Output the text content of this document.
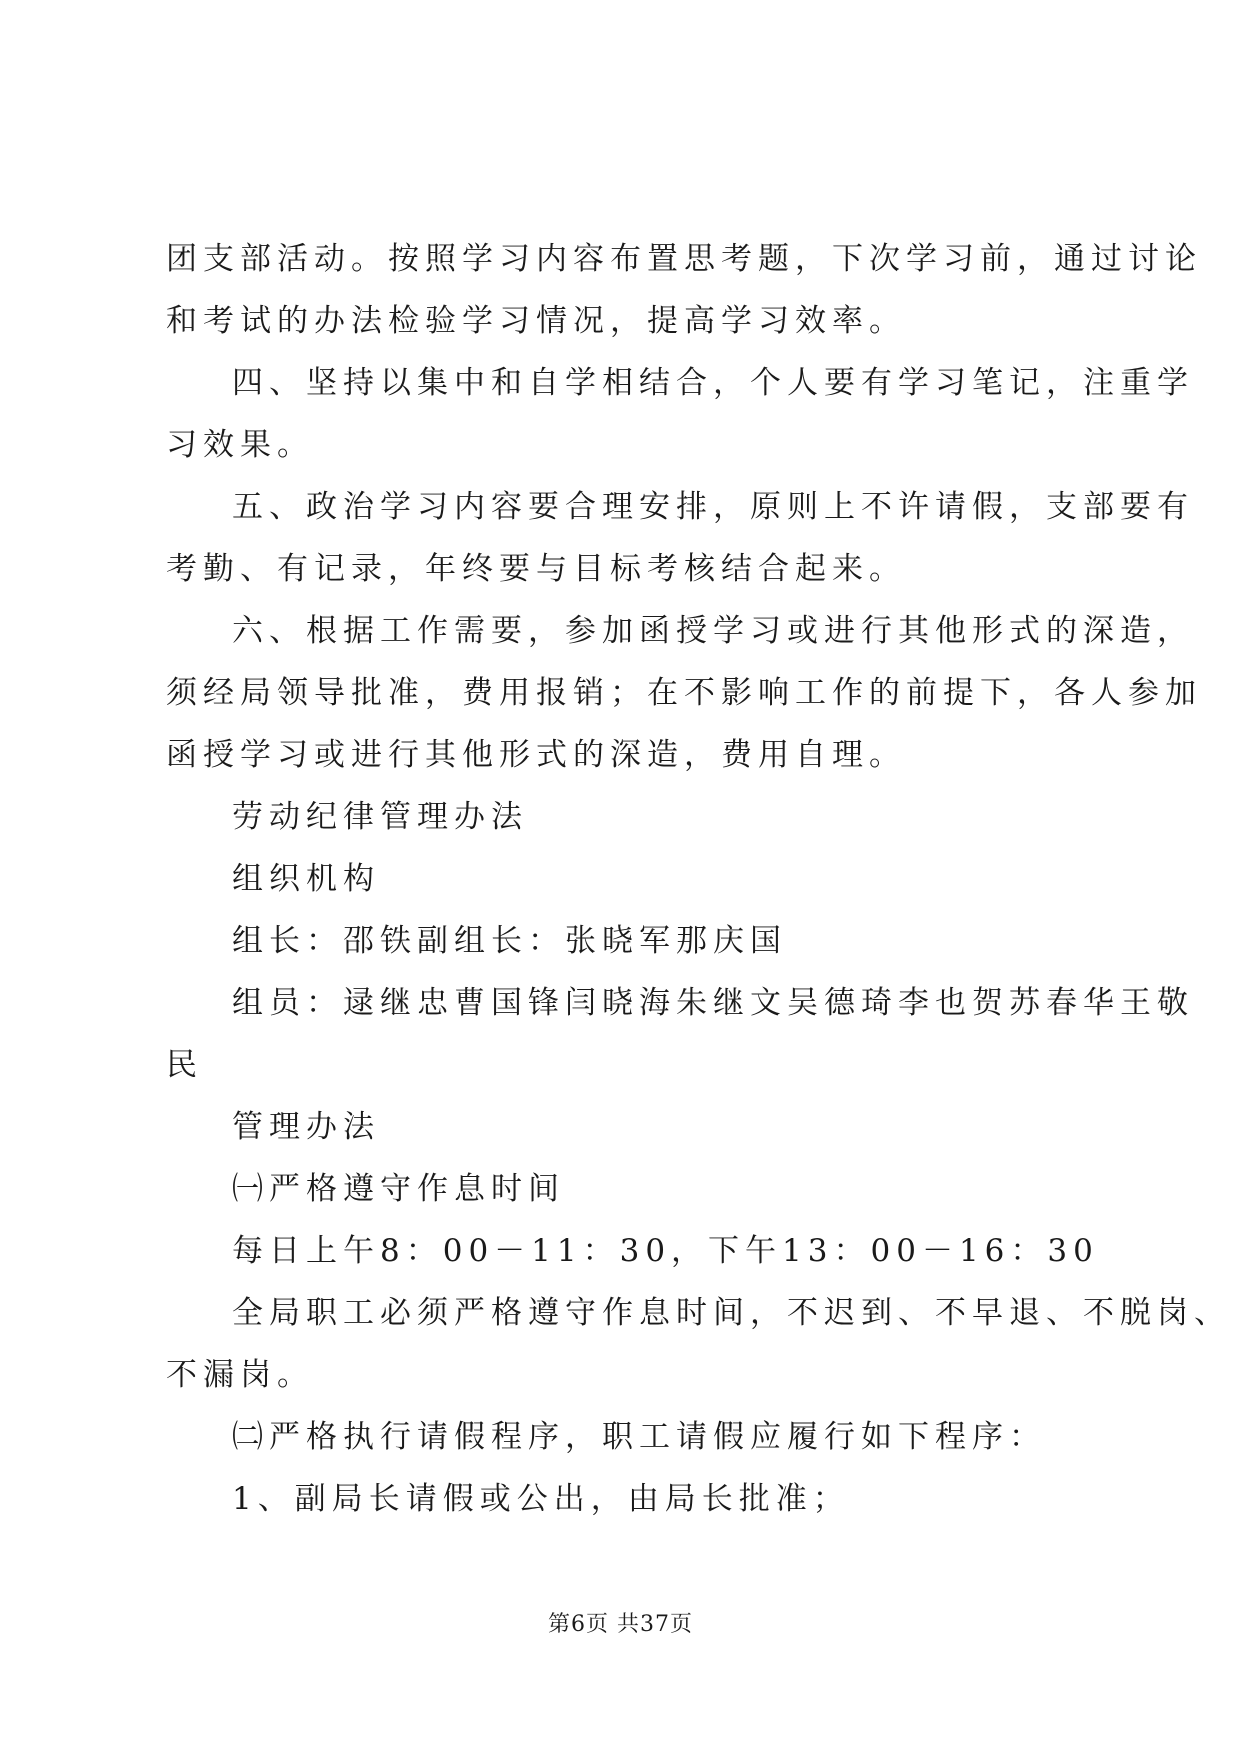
团支部活动。按照学习内容布置思考题，下次学习前，通过讨论
和考试的办法检验学习情况，提高学习效率。
四、坚持以集中和自学相结合，个人要有学习笔记，注重学
习效果。
五、政治学习内容要合理安排，原则上不许请假，支部要有
考勤、有记录，年终要与目标考核结合起来。
六、根据工作需要，参加函授学习或进行其他形式的深造，
须经局领导批准，费用报销；在不影响工作的前提下，各人参加
函授学习或进行其他形式的深造，费用自理。
劳动纪律管理办法
组织机构
组长：邵铁副组长：张晓军那庆国
组员：逯继忠曹国锋闫晓海朱继文吴德琦李也贺苏春华王敬
民
管理办法
㈠严格遵守作息时间
每日上午8：00－11：30，下午13：00－16：30
全局职工必须严格遵守作息时间，不迟到、不早退、不脱岗、
不漏岗。
㈡严格执行请假程序，职工请假应履行如下程序：
1、副局长请假或公出，由局长批准；
第6页 共37页
